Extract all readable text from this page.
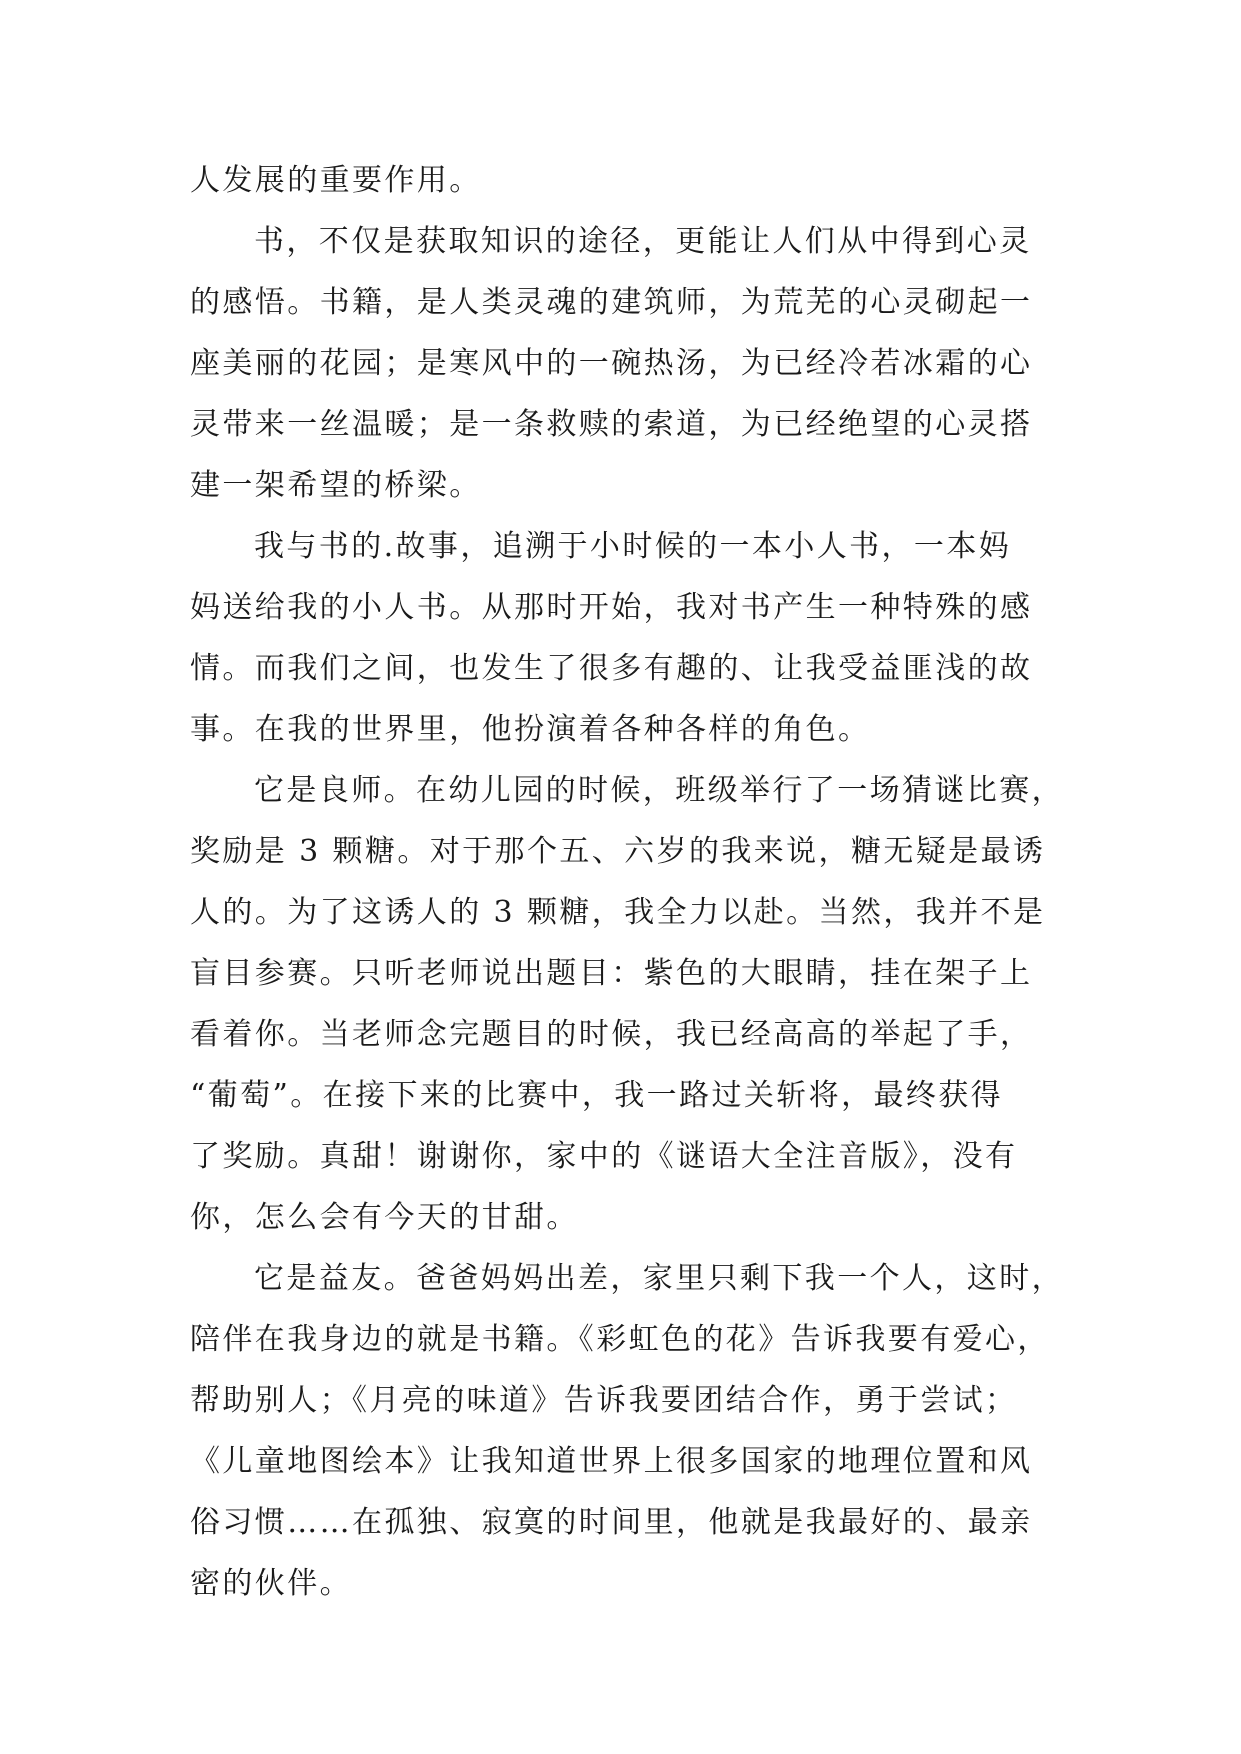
人发展的重要作用。
书，不仅是获取知识的途径，更能让人们从中得到心灵
的感悟。书籍，是人类灵魂的建筑师，为荒芜的心灵砌起一
座美丽的花园；是寒风中的一碗热汤，为已经冷若冰霜的心
灵带来一丝温暖；是一条救赎的索道，为已经绝望的心灵搭
建一架希望的桥梁。
我与书的.故事，追溯于小时候的一本小人书，一本妈
妈送给我的小人书。从那时开始，我对书产生一种特殊的感
情。而我们之间，也发生了很多有趣的、让我受益匪浅的故
事。在我的世界里，他扮演着各种各样的角色。
它是良师。在幼儿园的时候，班级举行了一场猜谜比赛，
奖励是 3 颗糖。对于那个五、六岁的我来说，糖无疑是最诱
人的。为了这诱人的 3 颗糖，我全力以赴。当然，我并不是
盲目参赛。只听老师说出题目：紫色的大眼睛，挂在架子上
看着你。当老师念完题目的时候，我已经高高的举起了手，
“葡萄”。在接下来的比赛中，我一路过关斩将，最终获得
了奖励。真甜！谢谢你，家中的《谜语大全注音版》，没有
你，怎么会有今天的甘甜。
它是益友。爸爸妈妈出差，家里只剩下我一个人，这时，
陪伴在我身边的就是书籍。《彩虹色的花》告诉我要有爱心，
帮助别人；《月亮的味道》告诉我要团结合作，勇于尝试；
《儿童地图绘本》让我知道世界上很多国家的地理位置和风
俗习惯……在孤独、寂寞的时间里，他就是我最好的、最亲
密的伙伴。
